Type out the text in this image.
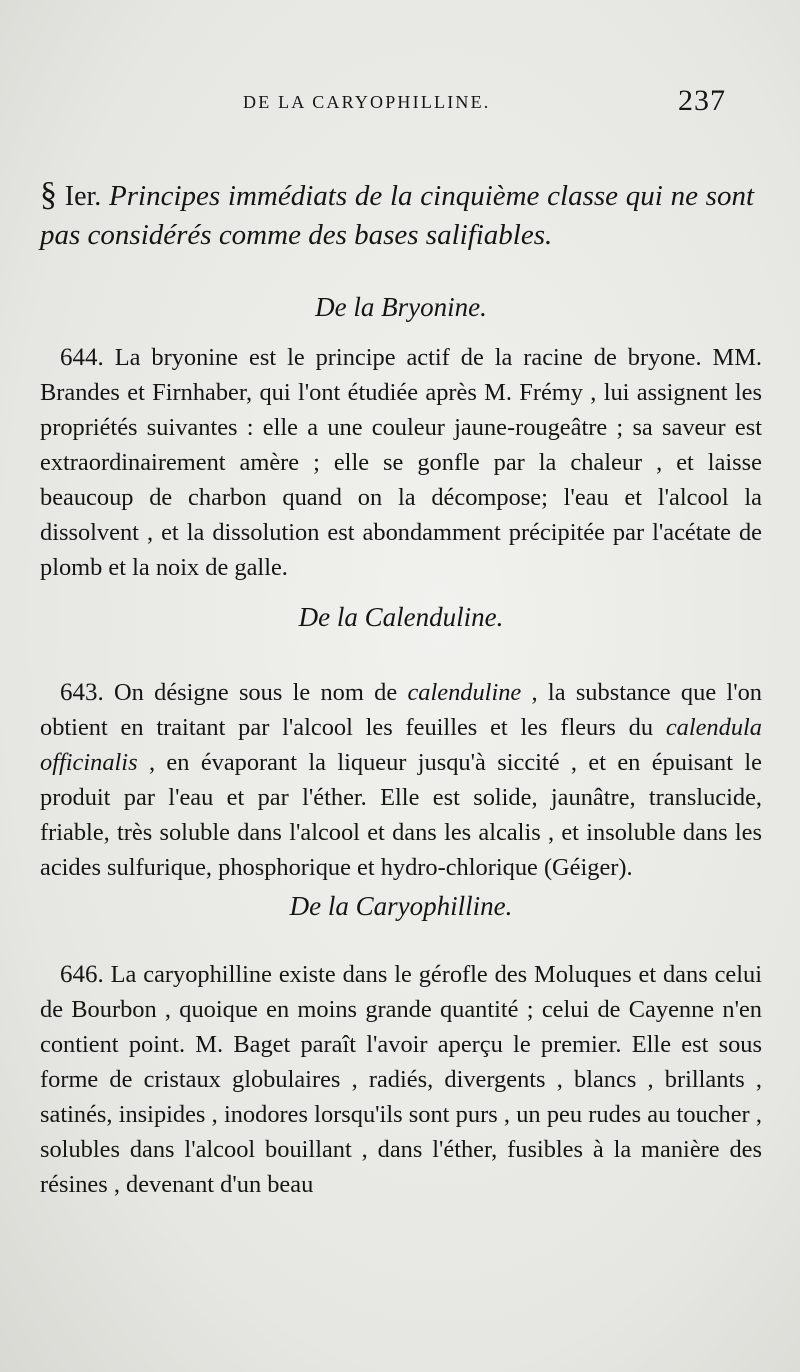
DE LA CARYOPHILLINE.	237

§ Ier. Principes immédiats de la cinquième classe qui ne sont pas considérés comme des bases salifiables.

De la Bryonine.

644. La bryonine est le principe actif de la racine de bryone. MM. Brandes et Firnhaber, qui l'ont étudiée après M. Frémy , lui assignent les propriétés suivantes : elle a une couleur jaune-rougeâtre ; sa saveur est extraordinairement amère ; elle se gonfle par la chaleur , et laisse beaucoup de charbon quand on la décompose; l'eau et l'alcool la dissolvent , et la dissolution est abondamment précipitée par l'acétate de plomb et la noix de galle.

De la Calenduline.

643. On désigne sous le nom de calenduline , la substance que l'on obtient en traitant par l'alcool les feuilles et les fleurs du calendula officinalis , en évaporant la liqueur jusqu'à siccité , et en épuisant le produit par l'eau et par l'éther. Elle est solide, jaunâtre, translucide, friable, très soluble dans l'alcool et dans les alcalis , et insoluble dans les acides sulfurique, phosphorique et hydro-chlorique (Géiger).

De la Caryophilline.

646. La caryophilline existe dans le gérofle des Moluques et dans celui de Bourbon , quoique en moins grande quantité ; celui de Cayenne n'en contient point. M. Baget paraît l'avoir aperçu le premier. Elle est sous forme de cristaux globulaires , radiés, divergents , blancs , brillants , satinés, insipides , inodores lorsqu'ils sont purs , un peu rudes au toucher , solubles dans l'alcool bouillant , dans l'éther, fusibles à la manière des résines , devenant d'un beau
